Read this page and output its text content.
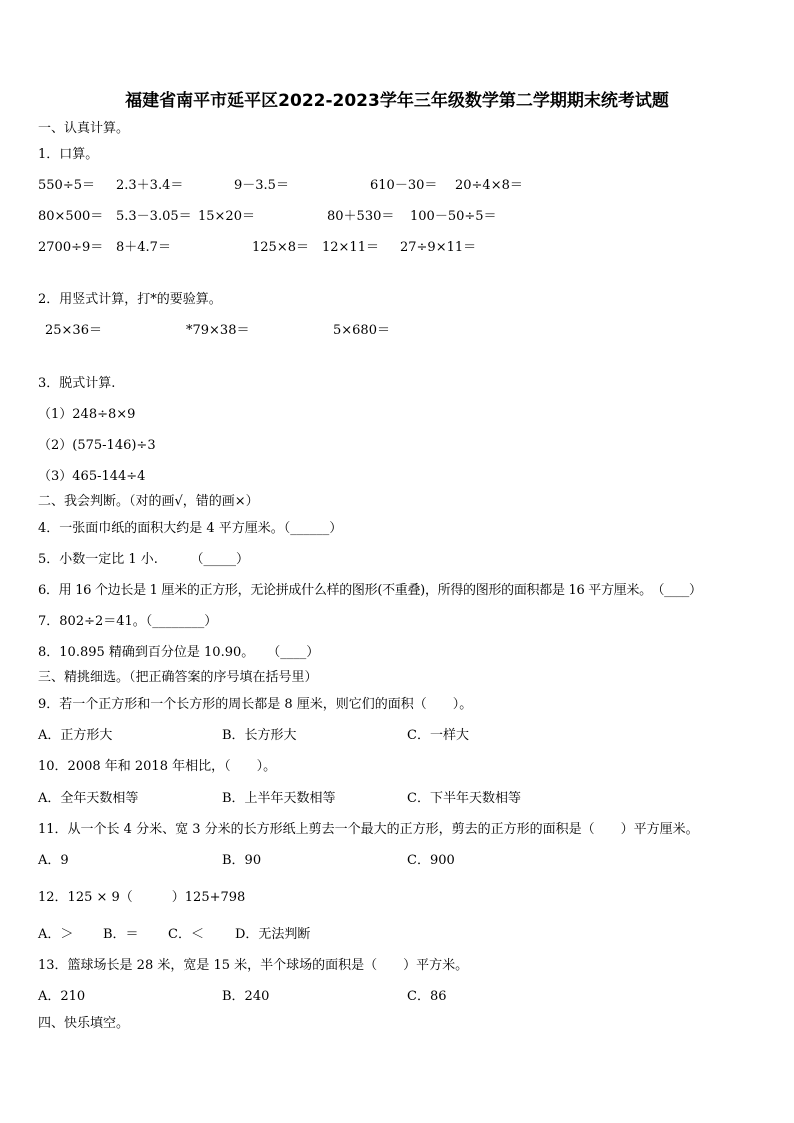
福建省南平市延平区2022-2023学年三年级数学第二学期期末统考试题
一、认真计算。
1．口算。
550÷5＝ 2.3＋3.4＝	9－3.5＝	610－30＝ 20÷4×8＝
80×500＝ 5.3－3.05＝ 15×20＝	80＋530＝ 100－50÷5＝
2700÷9＝ 8＋4.7＝	125×8＝ 12×11＝ 27÷9×11＝
2．用竖式计算，打*的要验算。
25×36＝	*79×38＝	5×680＝
3．脱式计算.
（1）248÷8×9
（2）(575-146)÷3
（3）465-144÷4
二、我会判断。（对的画√，错的画×）
4．一张面巾纸的面积大约是 4 平方厘米。（______）
5．小数一定比 1 小.　　　（_____）
6．用 16 个边长是 1 厘米的正方形，无论拼成什么样的图形(不重叠)，所得的图形的面积都是 16 平方厘米。　（____）
7．802÷2＝41。（________）
8．10.895 精确到百分位是 10.90。　　（____）
三、精挑细选。（把正确答案的序号填在括号里）
9．若一个正方形和一个长方形的周长都是 8 厘米，则它们的面积（　　）。
A．正方形大	B．长方形大	C．一样大
10．2008 年和 2018 年相比，（　　）。
A．全年天数相等	B．上半年天数相等	C．下半年天数相等
11．从一个长 4 分米、宽 3 分米的长方形纸上剪去一个最大的正方形，剪去的正方形的面积是（　　）平方厘米。
A．9	B．90	C．900
12．125 × 9（　　　）125+798
A．＞ B．＝ C．＜ D．无法判断
13．篮球场长是 28 米，宽是 15 米，半个球场的面积是（　　）平方米。
A．210	B．240	C．86
四、快乐填空。
